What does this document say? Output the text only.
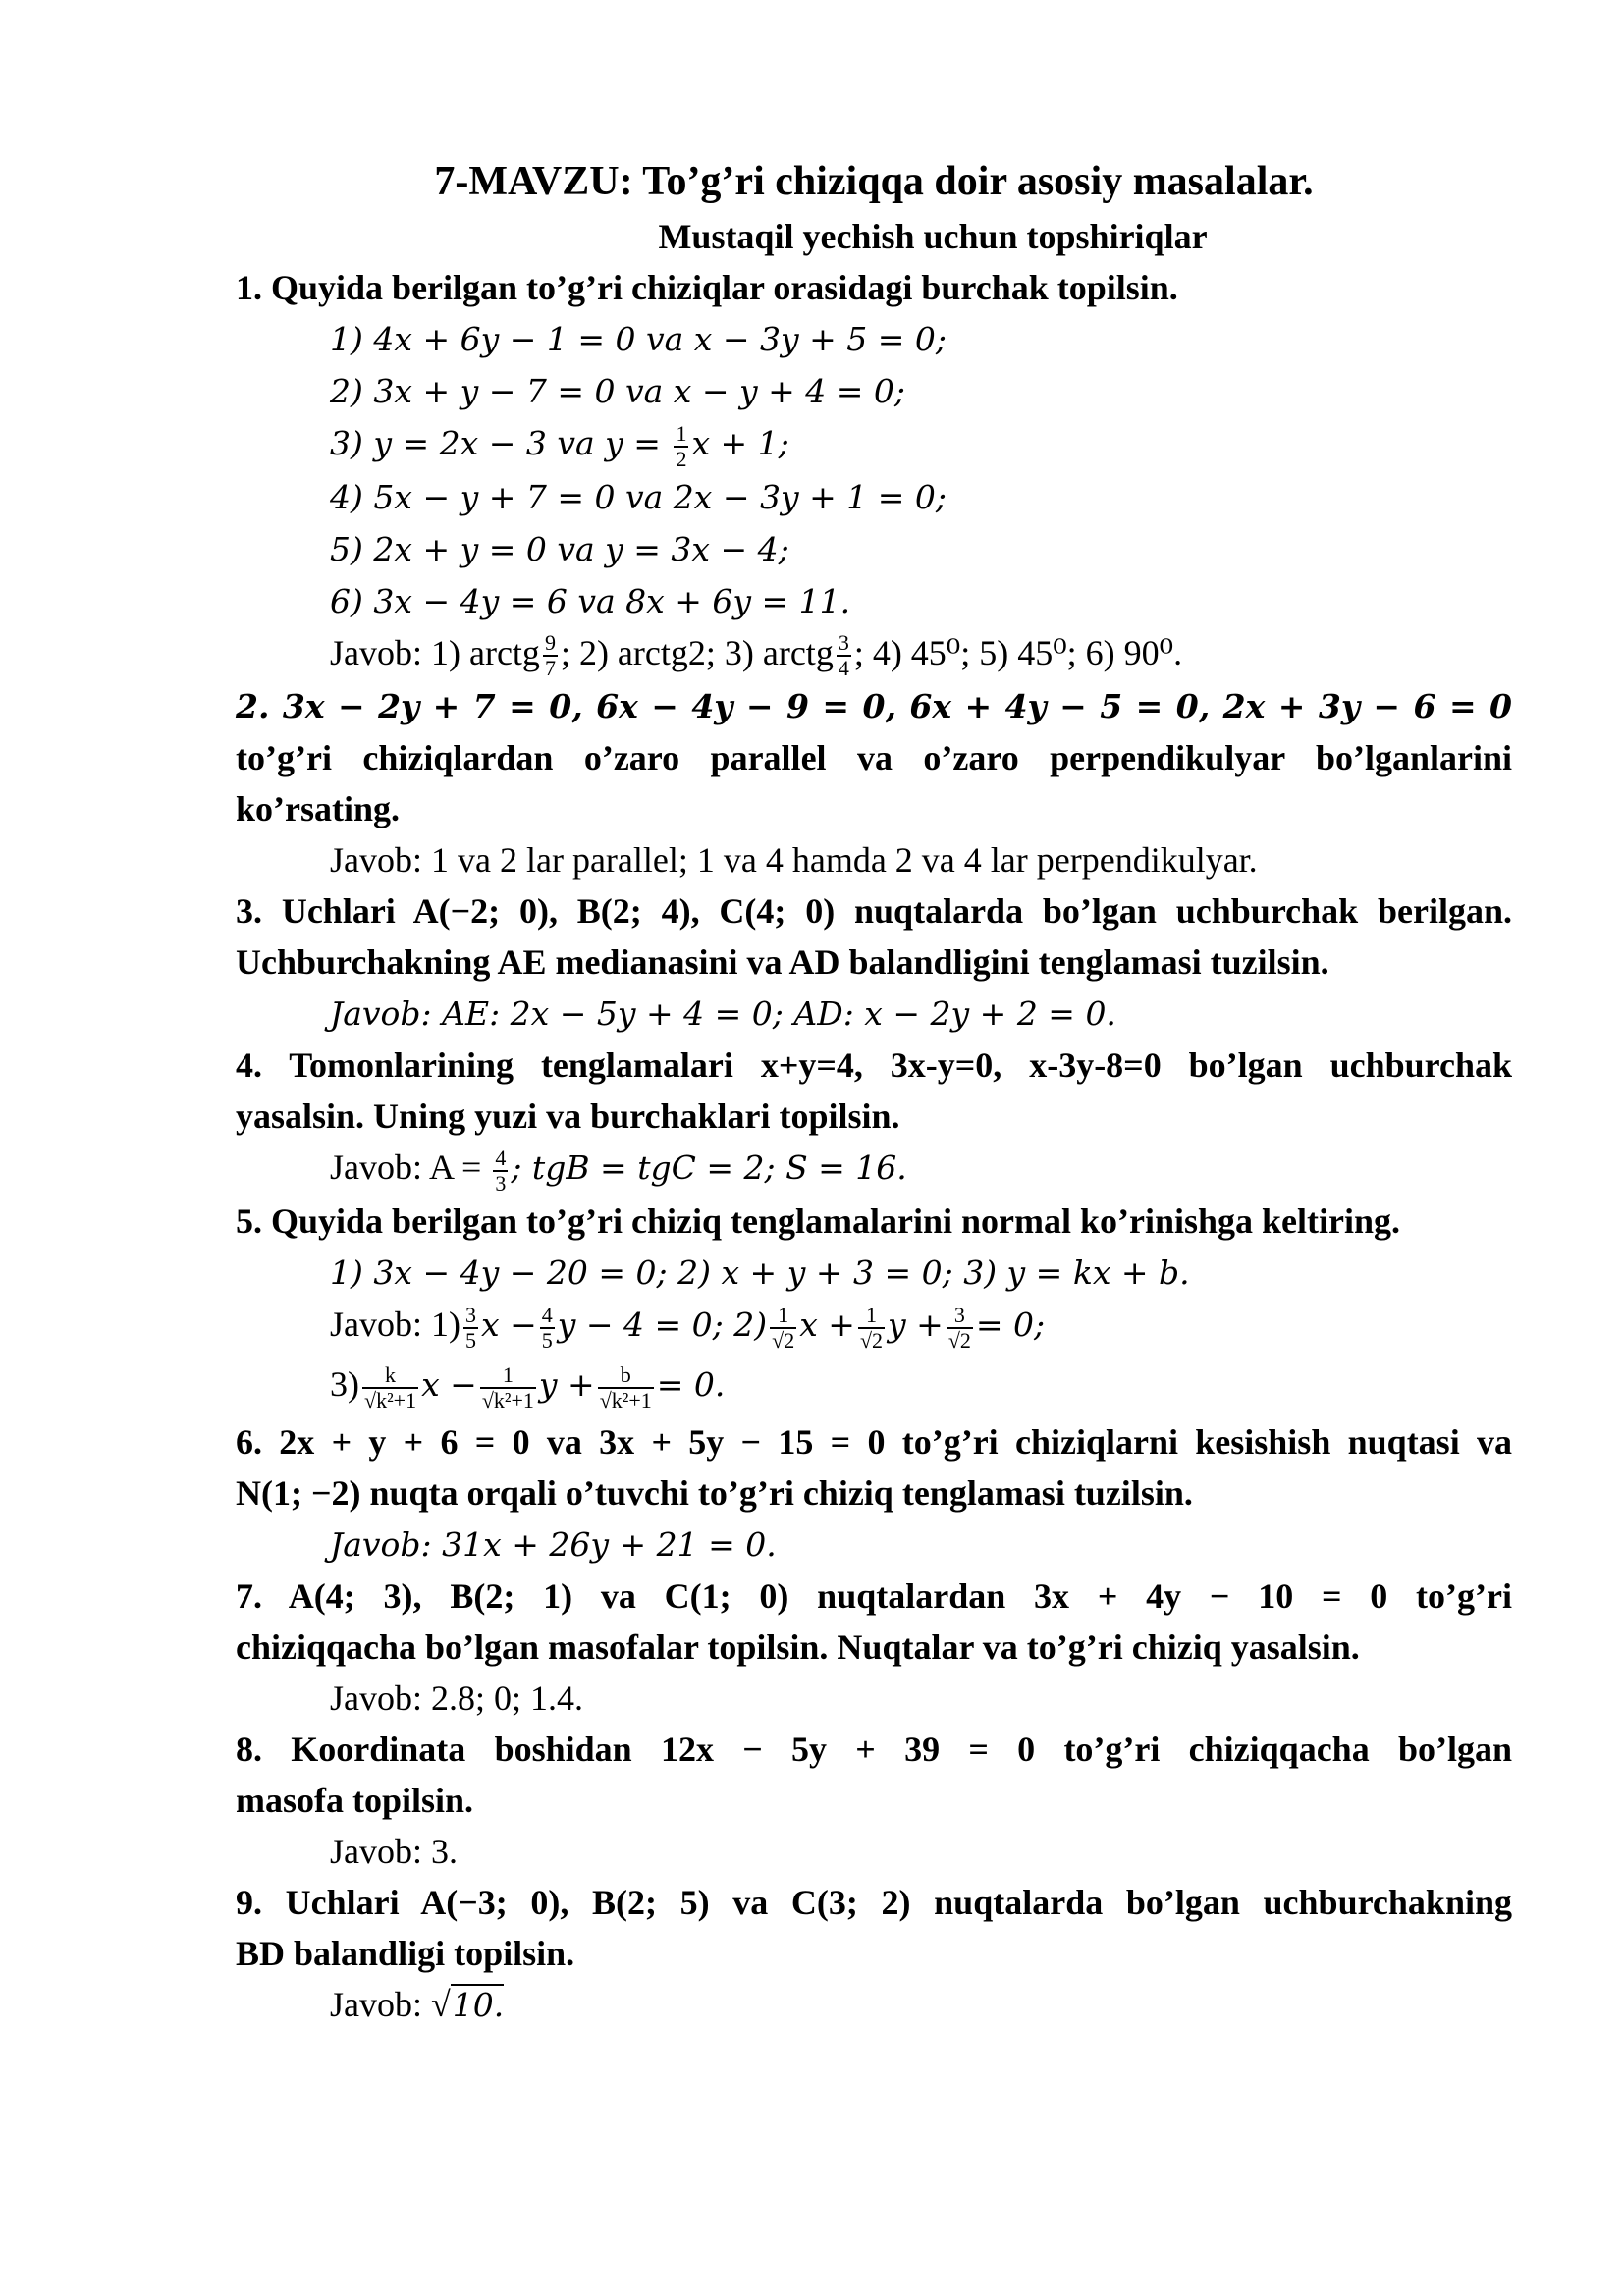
7-MAVZU: To’g’ri chiziqqa doir asosiy masalalar.

Mustaqil yechish uchun topshiriqlar

1. Quyida berilgan to’g’ri chiziqlar orasidagi burchak topilsin.

1) 4x + 6y − 1 = 0 va x − 3y + 5 = 0;

2) 3x + y − 7 = 0 va x − y + 4 = 0;

3) y = 2x − 3 va $y = \frac{1}{2}$ x + 1;

4) 5x − y + 7 = 0 va 2x − 3y + 1 = 0;

5) 2x + y = 0 va y = 3x − 4;

6) 3x − 4y = 6 va 8x + 6y = 11.

Javob: 1) arctg $\frac{9}{7}$ ; 2) arctg2; 3) arctg $\frac{3}{4}$ ; 4) 45⁰; 5) 45⁰; 6) 90⁰.

2. 3x − 2y + 7 = 0, 6x − 4y − 9 = 0, 6x + 4y − 5 = 0, 2x + 3y − 6 = 0

to’g’ri chiziqlardan o’zaro parallel va o’zaro perpendikulyar bo’lganlarini

ko’rsating.

Javob: 1 va 2 lar parallel; 1 va 4 hamda 2 va 4 lar perpendikulyar.

3. Uchlari A(−2; 0), B(2; 4), C(4; 0) nuqtalarda bo’lgan uchburchak berilgan.

Uchburchakning AE medianasini va AD balandligini tenglamasi tuzilsin.

Javob: AE: 2x − 5y + 4 = 0; AD: x − 2y + 2 = 0.

4. Tomonlarining tenglamalari x+y=4, 3x-y=0, x-3y-8=0 bo’lgan uchburchak

yasalsin. Uning yuzi va burchaklari topilsin.

Javob: $A = \frac{4}{3}$ ; tgB = tgC = 2; S = 16.

5. Quyida berilgan to’g’ri chiziq tenglamalarini normal ko’rinishga keltiring.

1) 3x − 4y − 20 = 0; 2) x + y + 3 = 0; 3) y = kx + b.

Javob: $1) \frac{3}{5}$ $x - \frac{4}{5}$ y − 4 = 0; $2) \frac{1}{√2}$ $x + \frac{1}{√2}$ $y + \frac{3}{√2} = 0$;

$3) \frac{k}{\text{√k²+1}}$ $x - \frac{1}{\text{√k²+1}}$ $y + \frac{b}{\text{√k²+1}} = 0$.

6. 2x + y + 6 = 0 va 3x + 5y − 15 = 0 to’g’ri chiziqlarni kesishish nuqtasi va

N(1; −2) nuqta orqali o’tuvchi to’g’ri chiziq tenglamasi tuzilsin.

Javob: 31x + 26y + 21 = 0.

7. A(4; 3), B(2; 1) va C(1; 0) nuqtalardan 3x + 4y − 10 = 0 to’g’ri

chiziqqacha bo’lgan masofalar topilsin. Nuqtalar va to’g’ri chiziq yasalsin.

Javob: 2.8; 0; 1.4.

8. Koordinata boshidan 12x − 5y + 39 = 0 to’g’ri chiziqqacha bo’lgan

masofa topilsin.

Javob: 3.

9. Uchlari A(−3; 0), B(2; 5) va C(3; 2) nuqtalarda bo’lgan uchburchakning

BD balandligi topilsin.

Javob: √10.
